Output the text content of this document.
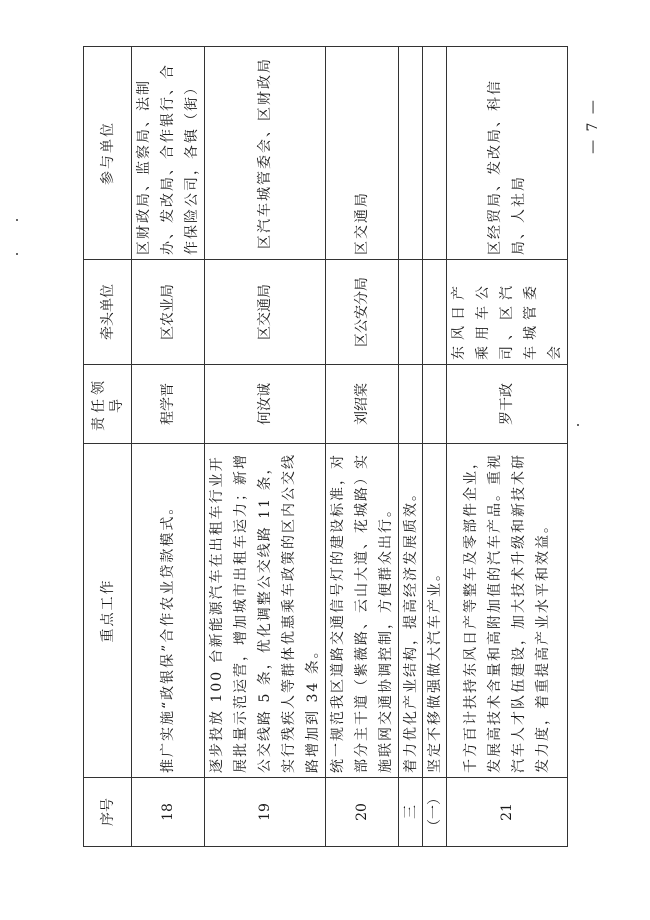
— 7 —
序号	重点工作	责任领导	牵头单位	参与单位
18	推广实施“政银保”合作农业贷款模式。	程学晋	区农业局	区财政局、监察局、法制办、发改局、合作银行、合作保险公司，各镇（街）
19	逐步投放 100 台新能源汽车在出租车行业开展批量示范运营，增加城市出租车运力；新增公交线路 5 条，优化调整公交线路 11 条，实行残疾人等群体优惠乘车政策的区内公交线路增加到 34 条。	何汝诚	区交通局	区汽车城管委会、区财政局
20	统一规范我区道路交通信号灯的建设标准，对部分主干道（紫薇路、云山大道、花城路）实施联网交通协调控制，方便群众出行。	刘绍棠	区公安分局	区交通局
三	着力优化产业结构，提高经济发展质效。			
（一）	坚定不移做强做大汽车产业。			
21	千方百计扶持东风日产等整车及零部件企业，发展高技术含量和高附加值的汽车产品。重视汽车人才队伍建设，加大技术升级和新技术研发力度，着重提高产业水平和效益。	罗干政	东风日产乘用车公司、区汽车城管委会	区经贸局、发改局、科信局、人社局
